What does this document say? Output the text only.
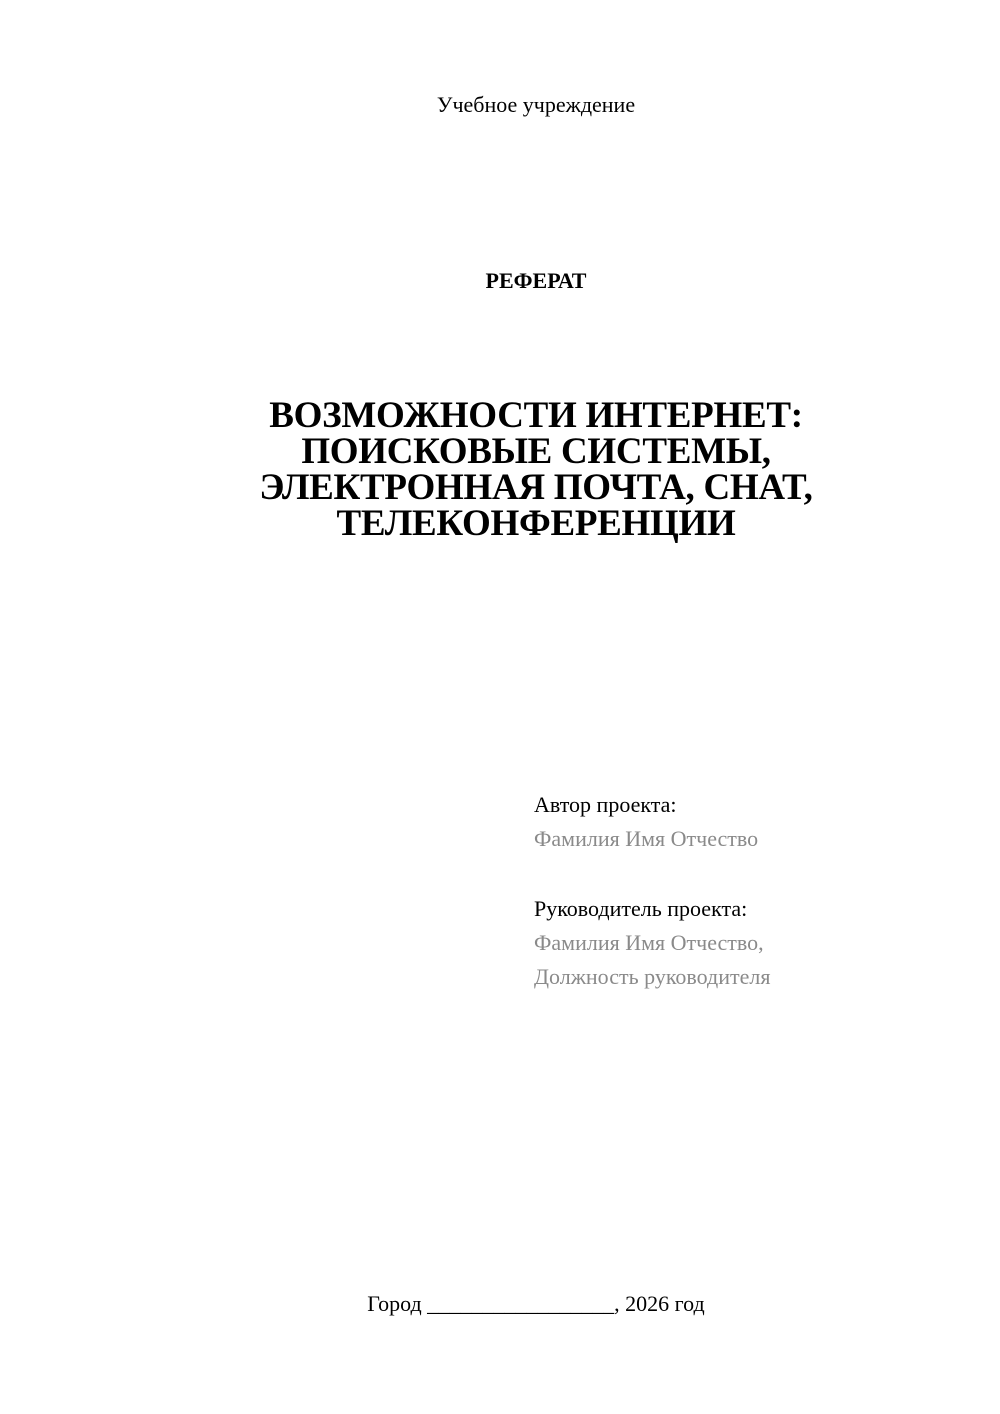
Учебное учреждение
РЕФЕРАТ
ВОЗМОЖНОСТИ ИНТЕРНЕТ:
ПОИСКОВЫЕ СИСТЕМЫ,
ЭЛЕКТРОННАЯ ПОЧТА, CHAT,
ТЕЛЕКОНФЕРЕНЦИИ
Автор проекта:
Фамилия Имя Отчество
Руководитель проекта:
Фамилия Имя Отчество,
Должность руководителя
Город _________________, 2026 год
